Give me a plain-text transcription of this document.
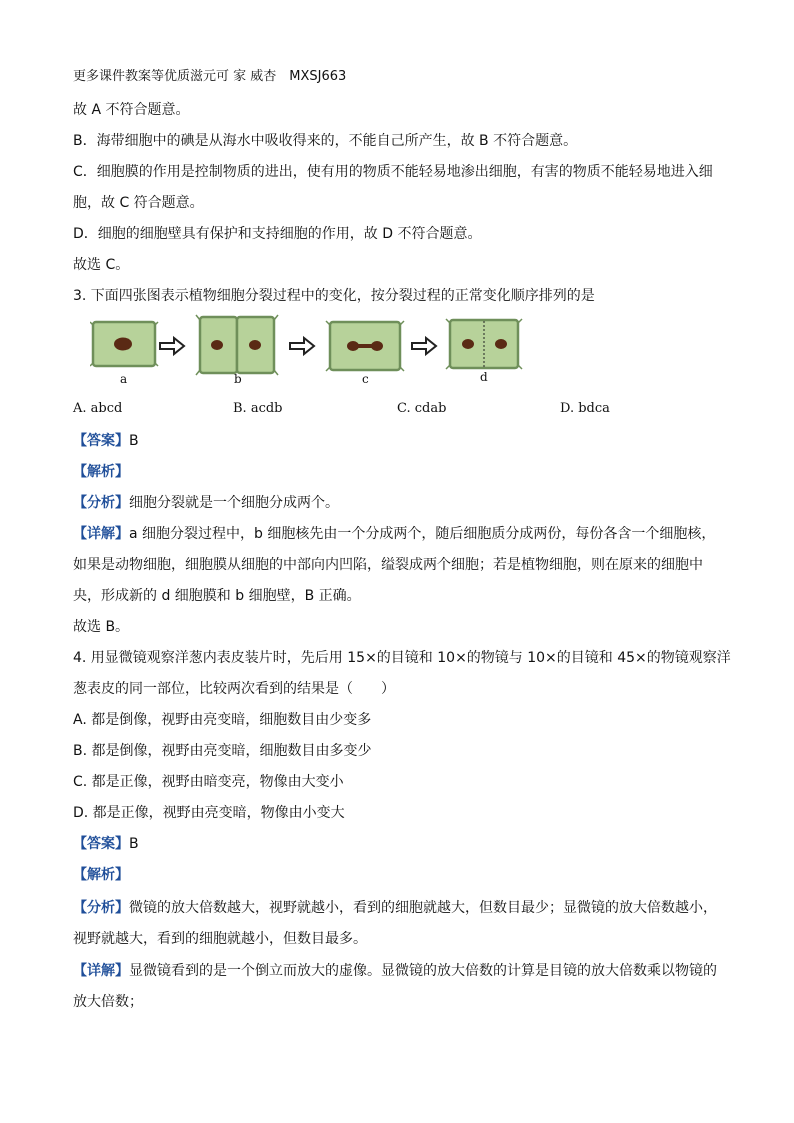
更多课件教案等优质滋元可 家 威杏　MXSJ663
故 A 不符合题意。
B．海带细胞中的碘是从海水中吸收得来的，不能自己所产生，故 B 不符合题意。
C．细胞膜的作用是控制物质的进出，使有用的物质不能轻易地渗出细胞，有害的物质不能轻易地进入细
胞，故 C 符合题意。
D．细胞的细胞壁具有保护和支持细胞的作用，故 D 不符合题意。
故选 C。
3. 下面四张图表示植物细胞分裂过程中的变化，按分裂过程的正常变化顺序排列的是
a	b	c	d
A. abcd	B. acdb	C. cdab	D. bdca
【答案】B
【解析】
【分析】细胞分裂就是一个细胞分成两个。
【详解】a 细胞分裂过程中，b 细胞核先由一个分成两个，随后细胞质分成两份，每份各含一个细胞核，
如果是动物细胞，细胞膜从细胞的中部向内凹陷，缢裂成两个细胞；若是植物细胞，则在原来的细胞中
央，形成新的 d 细胞膜和 b 细胞壁，B 正确。
故选 B。
4. 用显微镜观察洋葱内表皮装片时，先后用 15×的目镜和 10×的物镜与 10×的目镜和 45×的物镜观察洋
葱表皮的同一部位，比较两次看到的结果是（　　）
A. 都是倒像，视野由亮变暗，细胞数目由少变多
B. 都是倒像，视野由亮变暗，细胞数目由多变少
C. 都是正像，视野由暗变亮，物像由大变小
D. 都是正像，视野由亮变暗，物像由小变大
【答案】B
【解析】
【分析】微镜的放大倍数越大，视野就越小，看到的细胞就越大，但数目最少；显微镜的放大倍数越小，
视野就越大，看到的细胞就越小，但数目最多。
【详解】显微镜看到的是一个倒立而放大的虚像。显微镜的放大倍数的计算是目镜的放大倍数乘以物镜的
放大倍数；
